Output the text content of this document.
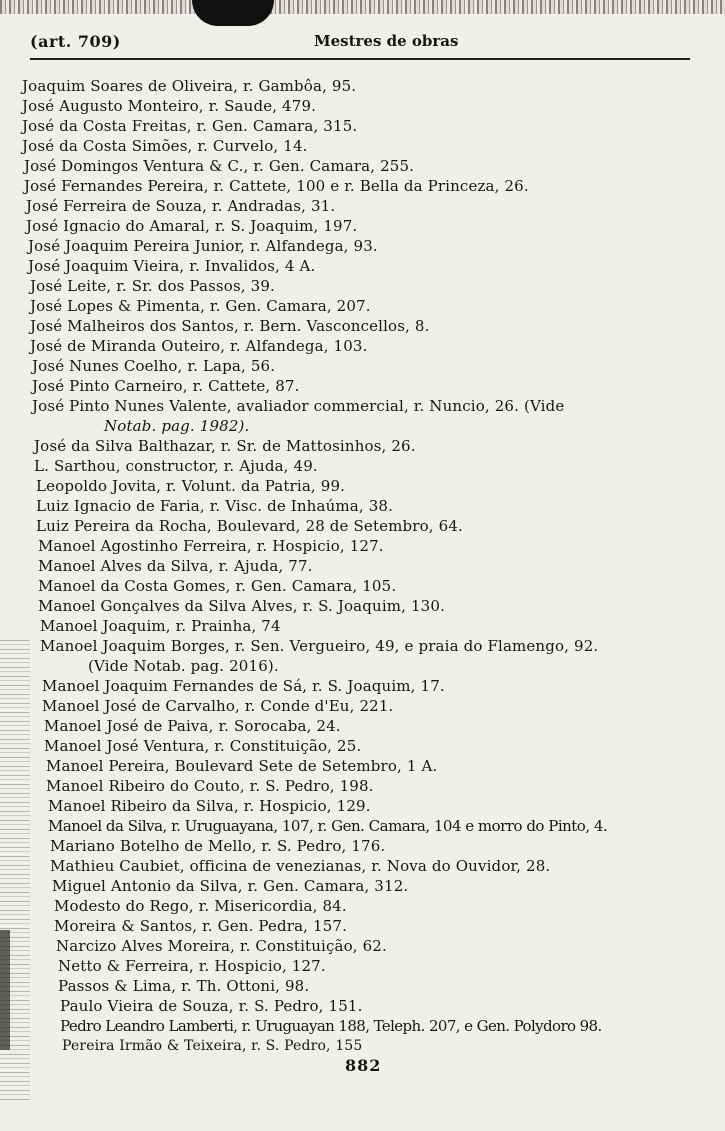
(art. 709)	Mestres de obras
Joaquim Soares de Oliveira, r. Gambôa, 95.
José Augusto Monteiro, r. Saude, 479.
José da Costa Freitas, r. Gen. Camara, 315.
José da Costa Simões, r. Curvelo, 14.
José Domingos Ventura & C., r. Gen. Camara, 255.
José Fernandes Pereira, r. Cattete, 100 e r. Bella da Princeza, 26.
José Ferreira de Souza, r. Andradas, 31.
José Ignacio do Amaral, r. S. Joaquim, 197.
José Joaquim Pereira Junior, r. Alfandega, 93.
José Joaquim Vieira, r. Invalidos, 4 A.
José Leite, r. Sr. dos Passos, 39.
José Lopes & Pimenta, r. Gen. Camara, 207.
José Malheiros dos Santos, r. Bern. Vasconcellos, 8.
José de Miranda Outeiro, r. Alfandega, 103.
José Nunes Coelho, r. Lapa, 56.
José Pinto Carneiro, r. Cattete, 87.
José Pinto Nunes Valente, avaliador commercial, r. Nuncio, 26. (Vide
Notab. pag. 1982).
José da Silva Balthazar, r. Sr. de Mattosinhos, 26.
L. Sarthou, constructor, r. Ajuda, 49.
Leopoldo Jovita, r. Volunt. da Patria, 99.
Luiz Ignacio de Faria, r. Visc. de Inhaúma, 38.
Luiz Pereira da Rocha, Boulevard, 28 de Setembro, 64.
Manoel Agostinho Ferreira, r. Hospicio, 127.
Manoel Alves da Silva, r. Ajuda, 77.
Manoel da Costa Gomes, r. Gen. Camara, 105.
Manoel Gonçalves da Silva Alves, r. S. Joaquim, 130.
Manoel Joaquim, r. Prainha, 74
Manoel Joaquim Borges, r. Sen. Vergueiro, 49, e praia do Flamengo, 92.
(Vide Notab. pag. 2016).
Manoel Joaquim Fernandes de Sá, r. S. Joaquim, 17.
Manoel José de Carvalho, r. Conde d'Eu, 221.
Manoel José de Paiva, r. Sorocaba, 24.
Manoel José Ventura, r. Constituição, 25.
Manoel Pereira, Boulevard Sete de Setembro, 1 A.
Manoel Ribeiro do Couto, r. S. Pedro, 198.
Manoel Ribeiro da Silva, r. Hospicio, 129.
Manoel da Silva, r. Uruguayana, 107, r. Gen. Camara, 104 e morro do Pinto, 4.
Mariano Botelho de Mello, r. S. Pedro, 176.
Mathieu Caubiet, officina de venezianas, r. Nova do Ouvidor, 28.
Miguel Antonio da Silva, r. Gen. Camara, 312.
Modesto do Rego, r. Misericordia, 84.
Moreira & Santos, r. Gen. Pedra, 157.
Narcizo Alves Moreira, r. Constituição, 62.
Netto & Ferreira, r. Hospicio, 127.
Passos & Lima, r. Th. Ottoni, 98.
Paulo Vieira de Souza, r. S. Pedro, 151.
Pedro Leandro Lamberti, r. Uruguayan 188, Teleph. 207, e Gen. Polydoro 98.
Pereira Irmão & Teixeira, r. S. Pedro, 155
882
